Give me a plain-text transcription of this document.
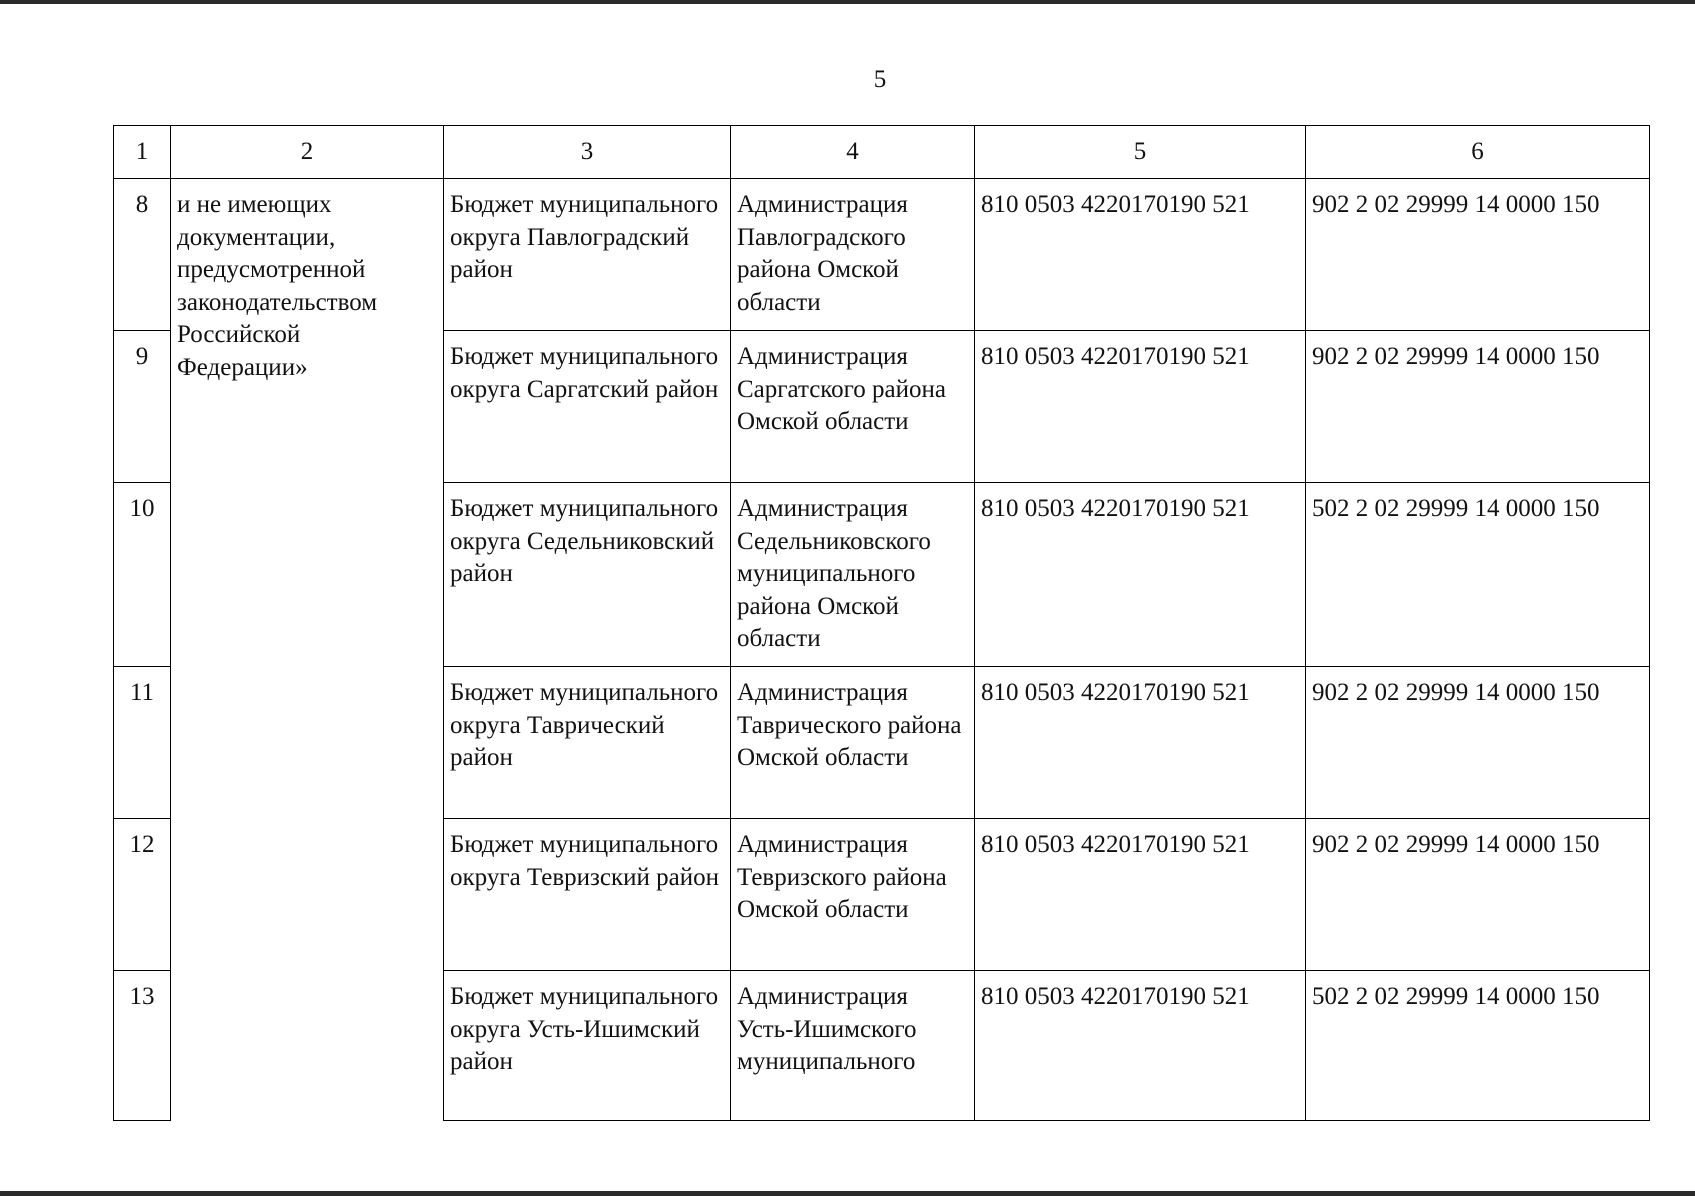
5
1	2	3	4	5	6
8	и не имеющих документации, предусмотренной законодательством Российской Федерации»	Бюджет муниципального округа Павлоградский район	Администрация Павлоградского района Омской области	810 0503 4220170190 521	902 2 02 29999 14 0000 150
9		Бюджет муниципального округа Саргатский район	Администрация Саргатского района Омской области	810 0503 4220170190 521	902 2 02 29999 14 0000 150
10		Бюджет муниципального округа Седельниковский район	Администрация Седельниковского муниципального района Омской области	810 0503 4220170190 521	502 2 02 29999 14 0000 150
11		Бюджет муниципального округа Таврический район	Администрация Таврического района Омской области	810 0503 4220170190 521	902 2 02 29999 14 0000 150
12		Бюджет муниципального округа Тевризский район	Администрация Тевризского района Омской области	810 0503 4220170190 521	902 2 02 29999 14 0000 150
13		Бюджет муниципального округа Усть-Ишимский район	Администрация Усть-Ишимского муниципального	810 0503 4220170190 521	502 2 02 29999 14 0000 150
